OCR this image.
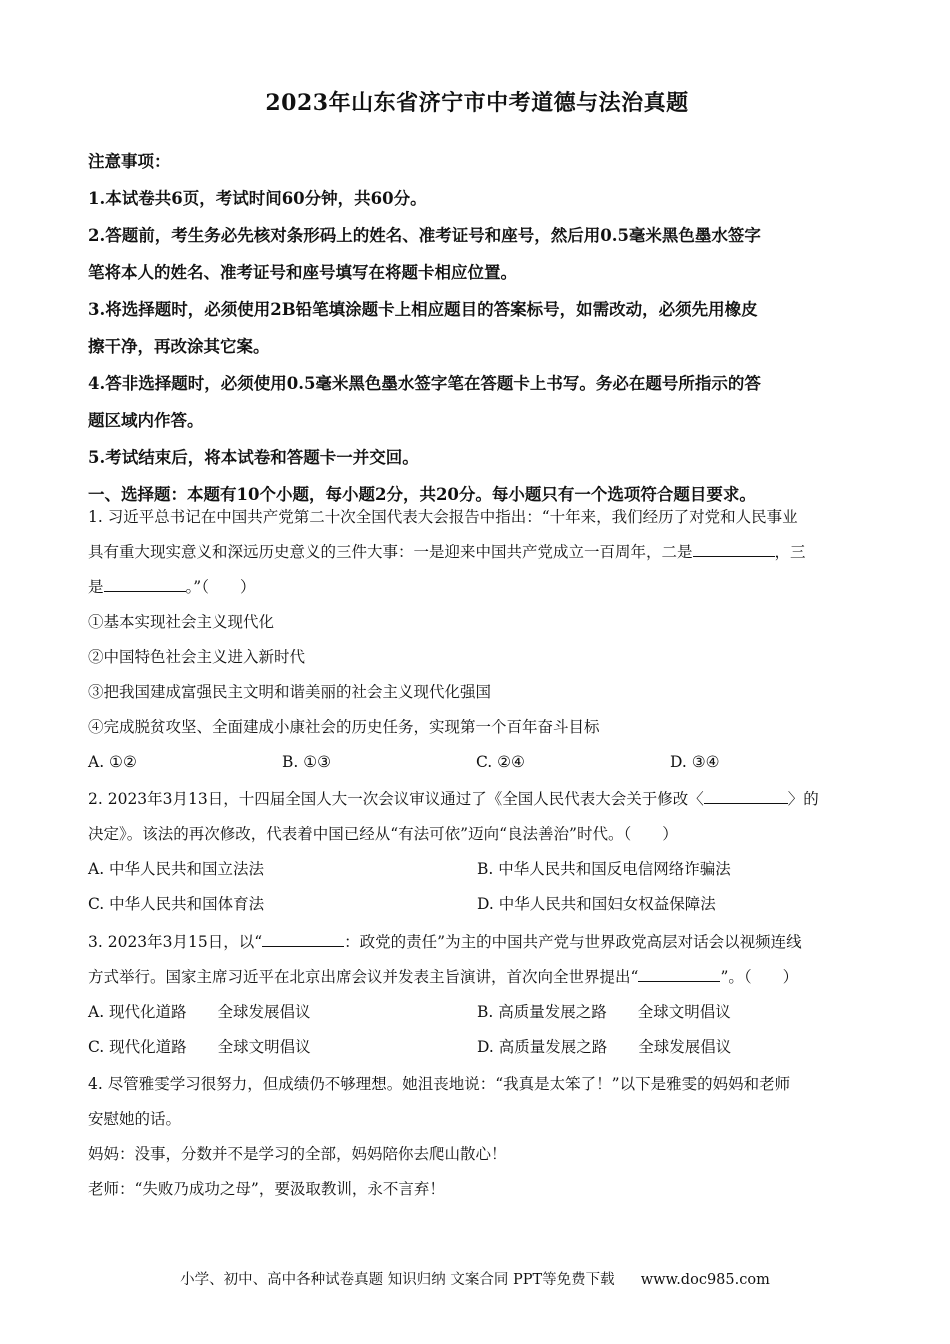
2023年山东省济宁市中考道德与法治真题

注意事项：

1.本试卷共6页，考试时间60分钟，共60分。

2.答题前，考生务必先核对条形码上的姓名、准考证号和座号，然后用0.5毫米黑色墨水签字

笔将本人的姓名、准考证号和座号填写在将题卡相应位置。

3.将选择题时，必须使用2B铅笔填涂题卡上相应题目的答案标号，如需改动，必须先用橡皮

擦干净，再改涂其它案。

4.答非选择题时，必须使用0.5毫米黑色墨水签字笔在答题卡上书写。务必在题号所指示的答

题区域内作答。

5.考试结束后，将本试卷和答题卡一并交回。

一、选择题：本题有10个小题，每小题2分，共20分。每小题只有一个选项符合题目要求。

1. 习近平总书记在中国共产党第二十次全国代表大会报告中指出：“十年来，我们经历了对党和人民事业

具有重大现实意义和深远历史意义的三件大事：一是迎来中国共产党成立一百周年，二是	，三

是	。”（　　）

①基本实现社会主义现代化

②中国特色社会主义进入新时代

③把我国建成富强民主文明和谐美丽的社会主义现代化强国

④完成脱贫攻坚、全面建成小康社会的历史任务，实现第一个百年奋斗目标

A. ①②	B. ①③	C. ②④	D. ③④

2. 2023年3月13日，十四届全国人大一次会议审议通过了《全国人民代表大会关于修改〈	〉的

决定》。该法的再次修改，代表着中国已经从“有法可依”迈向“良法善治”时代。（　　）

A. 中华人民共和国立法法	B. 中华人民共和国反电信网络诈骗法
C. 中华人民共和国体育法	D. 中华人民共和国妇女权益保障法

3. 2023年3月15日，以“	：政党的责任”为主的中国共产党与世界政党高层对话会以视频连线

方式举行。国家主席习近平在北京出席会议并发表主旨演讲，首次向全世界提出“	”。（　　）

A. 现代化道路　　全球发展倡议	B. 高质量发展之路　　全球文明倡议
C. 现代化道路　　全球文明倡议	D. 高质量发展之路　　全球发展倡议

4. 尽管雅雯学习很努力，但成绩仍不够理想。她沮丧地说：“我真是太笨了！”以下是雅雯的妈妈和老师

安慰她的话。

妈妈：没事，分数并不是学习的全部，妈妈陪你去爬山散心！

老师：“失败乃成功之母”，要汲取教训，永不言弃！

小学、初中、高中各种试卷真题 知识归纳 文案合同 PPT等免费下载 www.doc985.com
